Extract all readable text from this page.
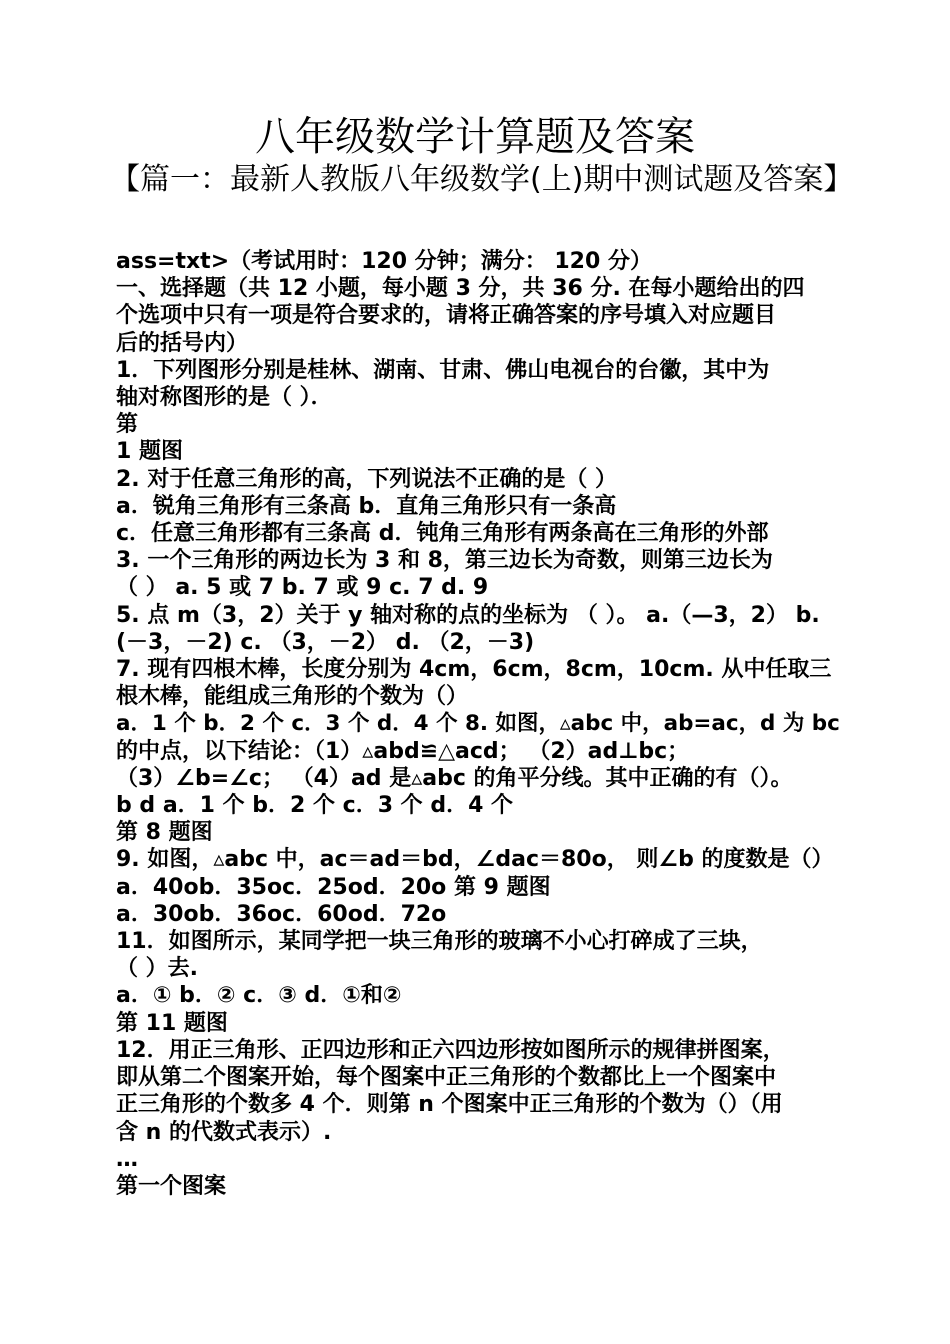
八年级数学计算题及答案
【篇一：最新人教版八年级数学(上)期中测试题及答案】
ass=txt>（考试用时：120 分钟；满分： 120 分）
一、选择题（共 12 小题，每小题 3 分，共 36 分. 在每小题给出的四
个选项中只有一项是符合要求的，请将正确答案的序号填入对应题目
后的括号内）
1．下列图形分别是桂林、湖南、甘肃、佛山电视台的台徽，其中为
轴对称图形的是（ ）．
第
1 题图
2. 对于任意三角形的高，下列说法不正确的是（ ）
a．锐角三角形有三条高 b．直角三角形只有一条高
c．任意三角形都有三条高 d．钝角三角形有两条高在三角形的外部
3. 一个三角形的两边长为 3 和 8，第三边长为奇数，则第三边长为
（ ） a. 5 或 7 b. 7 或 9 c. 7 d. 9
5. 点 m（3，2）关于 y 轴对称的点的坐标为 （ ）。 a.（—3，2） b.
(－3，－2) c. （3，－2） d. （2，－3)
7. 现有四根木棒，长度分别为 4cm，6cm，8cm，10cm. 从中任取三
根木棒，能组成三角形的个数为（）
a．1 个 b．2 个 c．3 个 d．4 个 8. 如图，▵abc 中，ab=ac，d 为 bc
的中点，以下结论：（1）▵abd≌△acd； （2）ad⊥bc；
（3）∠b=∠c； （4）ad 是▵abc 的角平分线。其中正确的有（）。
b d a．1 个 b．2 个 c．3 个 d．4 个
第 8 题图
9. 如图，▵abc 中，ac＝ad＝bd，∠dac＝80o， 则∠b 的度数是（）
a．40ob．35oc．25od．20o 第 9 题图
a．30ob．36oc．60od．72o
11．如图所示，某同学把一块三角形的玻璃不小心打碎成了三块，
（ ）去.
a．① b．② c．③ d．①和②
第 11 题图
12．用正三角形、正四边形和正六四边形按如图所示的规律拼图案，
即从第二个图案开始，每个图案中正三角形的个数都比上一个图案中
正三角形的个数多 4 个．则第 n 个图案中正三角形的个数为（）（用
含 n 的代数式表示）.
…
第一个图案
